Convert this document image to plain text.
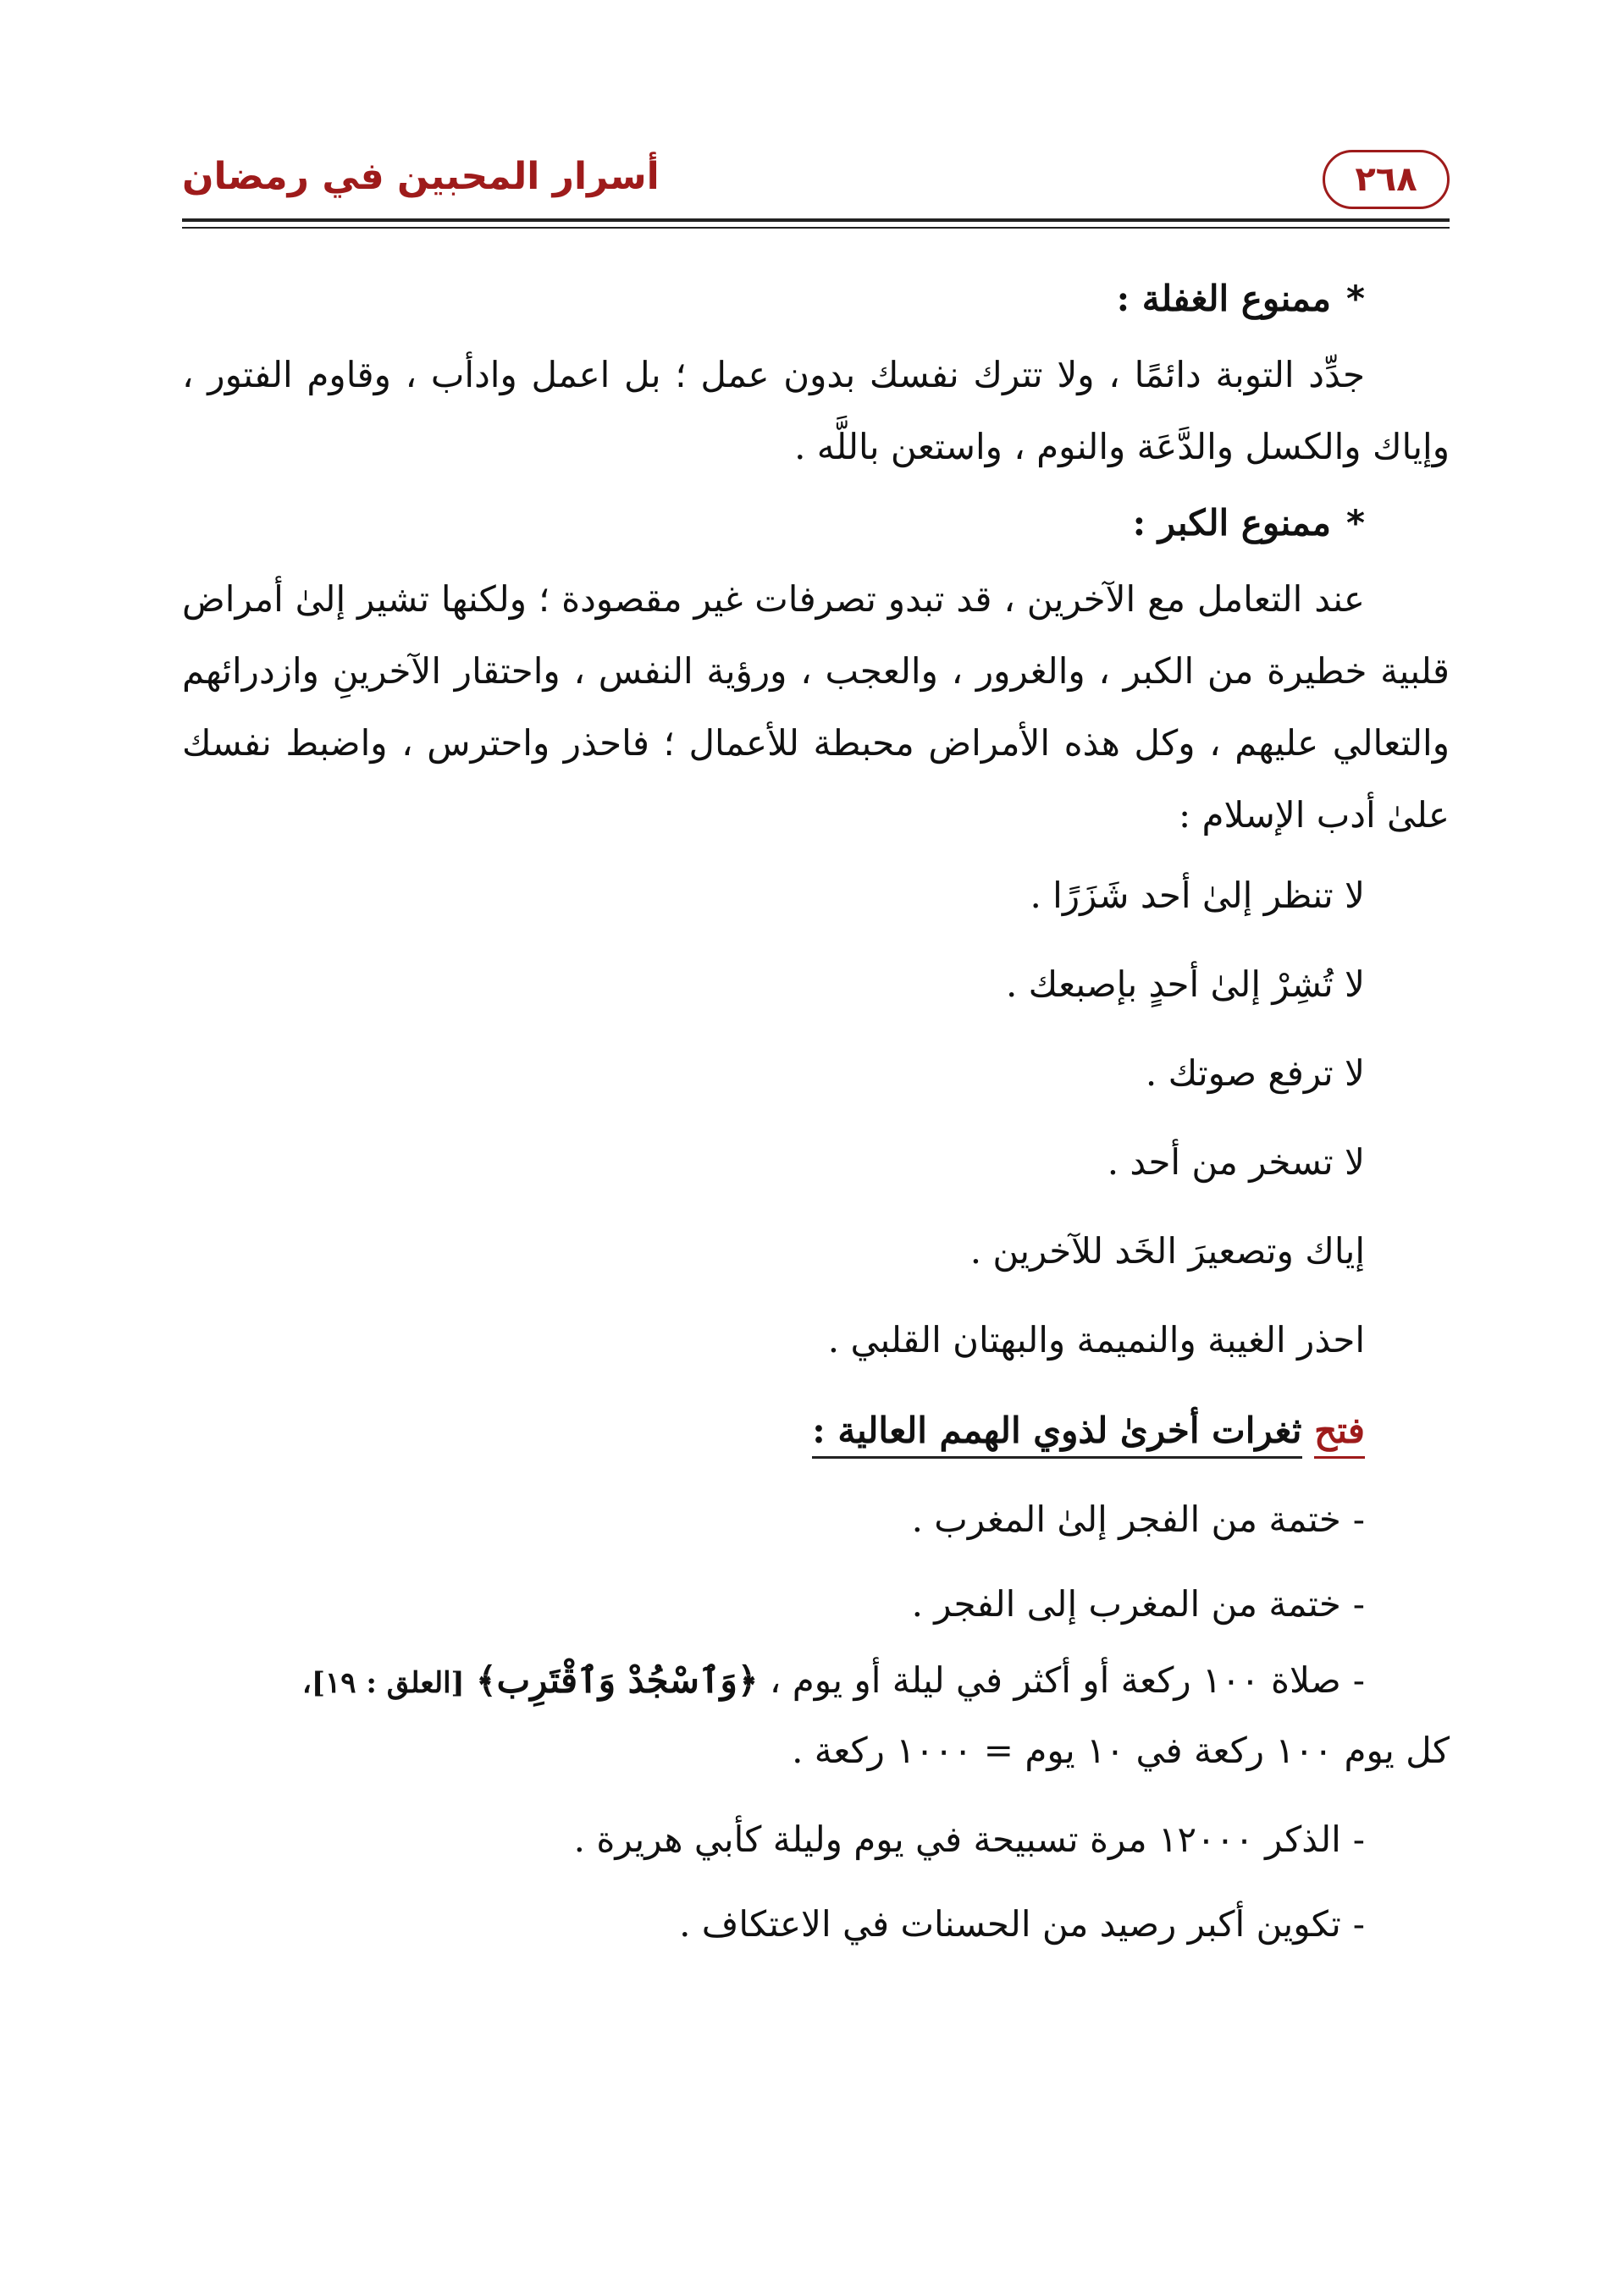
٢٦٨
أسرار المحبين في رمضان

*ممنوع الغفلة :

جدِّد التوبة دائمًا ، ولا تترك نفسك بدون عمل ؛ بل اعمل وادأب ، وقاوم الفتور ، وإياك والكسل والدَّعَة والنوم ، واستعن باللَّه .

*ممنوع الكبر :

عند التعامل مع الآخرين ، قد تبدو تصرفات غير مقصودة ؛ ولكنها تشير إلىٰ أمراض قلبية خطيرة من الكبر ، والغرور ، والعجب ، ورؤية النفس ، واحتقار الآخرينِ وازدرائهم والتعالي عليهم ، وكل هذه الأمراض محبطة للأعمال ؛ فاحذر واحترس ، واضبط نفسك علىٰ أدب الإسلام :

لا تنظر إلىٰ أحد شَزَرًا .

لا تُشِرْ إلىٰ أحدٍ بإصبعك .

لا ترفع صوتك .

لا تسخر من أحد .

إياك وتصعيرَ الخَد للآخرين .

احذر الغيبة والنميمة والبهتان القلبي .

فتح ثغرات أخرىٰ لذوي الهمم العالية :

-ختمة من الفجر إلىٰ المغرب .

-ختمة من المغرب إلى الفجر .

-صلاة ١٠٠ ركعة أو أكثر في ليلة أو يوم ، ﴿وَٱسْجُدْ وَٱقْتَرِب﴾ [العلق : ١٩]،

كل يوم ١٠٠ ركعة في ١٠ يوم = ١٠٠٠ ركعة .

-الذكر ١٢٠٠٠ مرة تسبيحة في يوم وليلة كأبي هريرة .

-تكوين أكبر رصيد من الحسنات في الاعتكاف .
